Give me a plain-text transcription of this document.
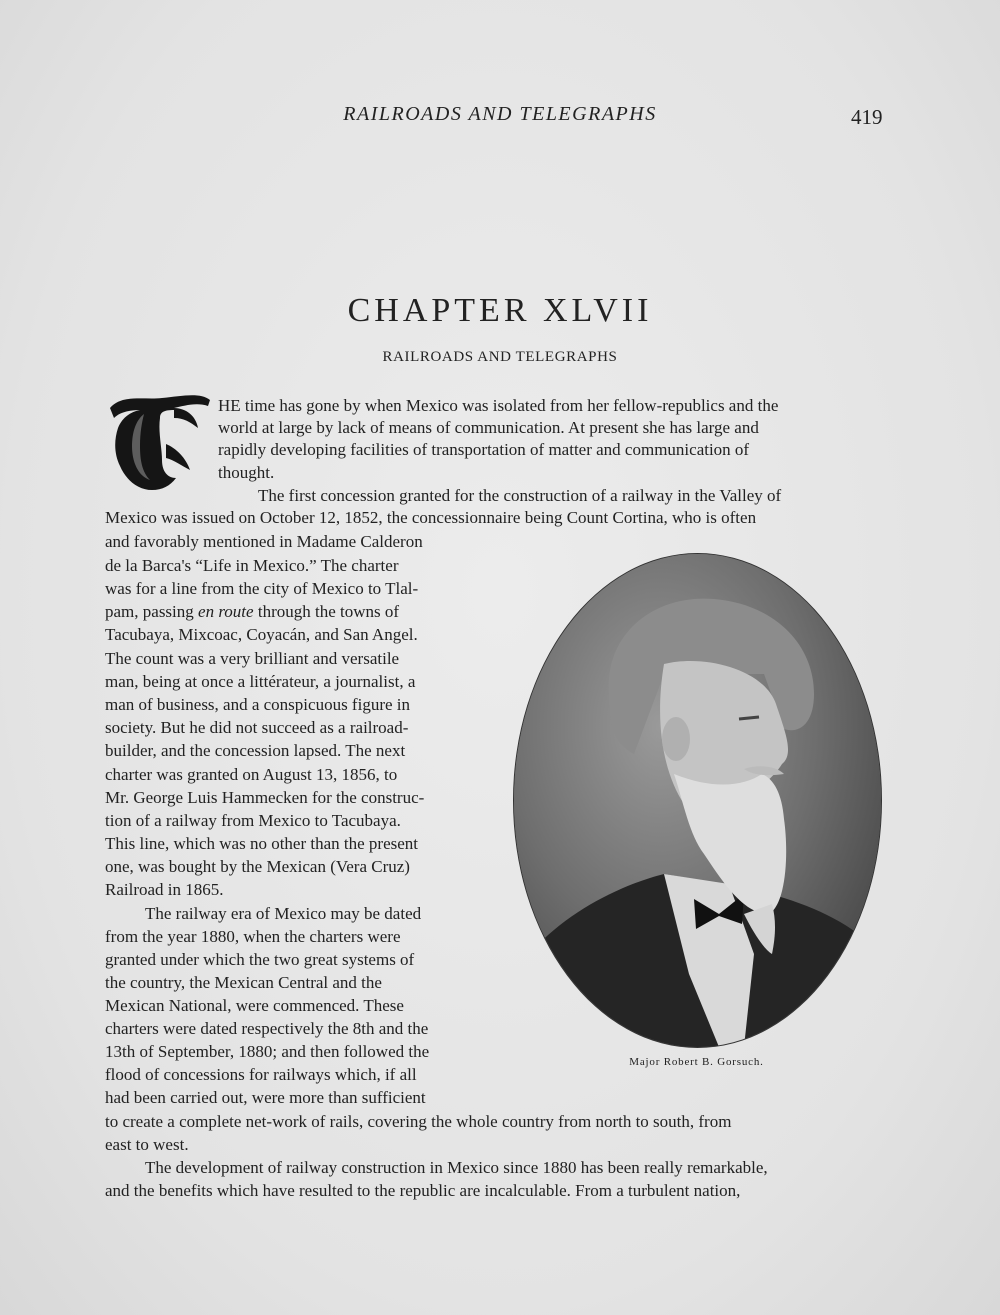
RAILROADS AND TELEGRAPHS	419
CHAPTER XLVII
RAILROADS AND TELEGRAPHS
HE time has gone by when Mexico was isolated from her fellow-republics and the
world at large by lack of means of communication. At present she has large and
rapidly developing facilities of transportation of matter and communication of
thought.
The first concession granted for the construction of a railway in the Valley of
Mexico was issued on October 12, 1852, the concessionnaire being Count Cortina, who is often
and favorably mentioned in Madame Calderon
de la Barca's “Life in Mexico.” The charter
was for a line from the city of Mexico to Tlal-
pam, passing en route through the towns of
Tacubaya, Mixcoac, Coyacán, and San Angel.
The count was a very brilliant and versatile
man, being at once a littérateur, a journalist, a
man of business, and a conspicuous figure in
society. But he did not succeed as a railroad-
builder, and the concession lapsed. The next
charter was granted on August 13, 1856, to
Mr. George Luis Hammecken for the construc-
tion of a railway from Mexico to Tacubaya.
This line, which was no other than the present
one, was bought by the Mexican (Vera Cruz)
Railroad in 1865.
The railway era of Mexico may be dated
from the year 1880, when the charters were
granted under which the two great systems of
the country, the Mexican Central and the
Mexican National, were commenced. These
charters were dated respectively the 8th and the
13th of September, 1880; and then followed the
flood of concessions for railways which, if all
had been carried out, were more than sufficient
to create a complete net-work of rails, covering the whole country from north to south, from
east to west.
The development of railway construction in Mexico since 1880 has been really remarkable,
and the benefits which have resulted to the republic are incalculable. From a turbulent nation,
Major Robert B. Gorsuch.
